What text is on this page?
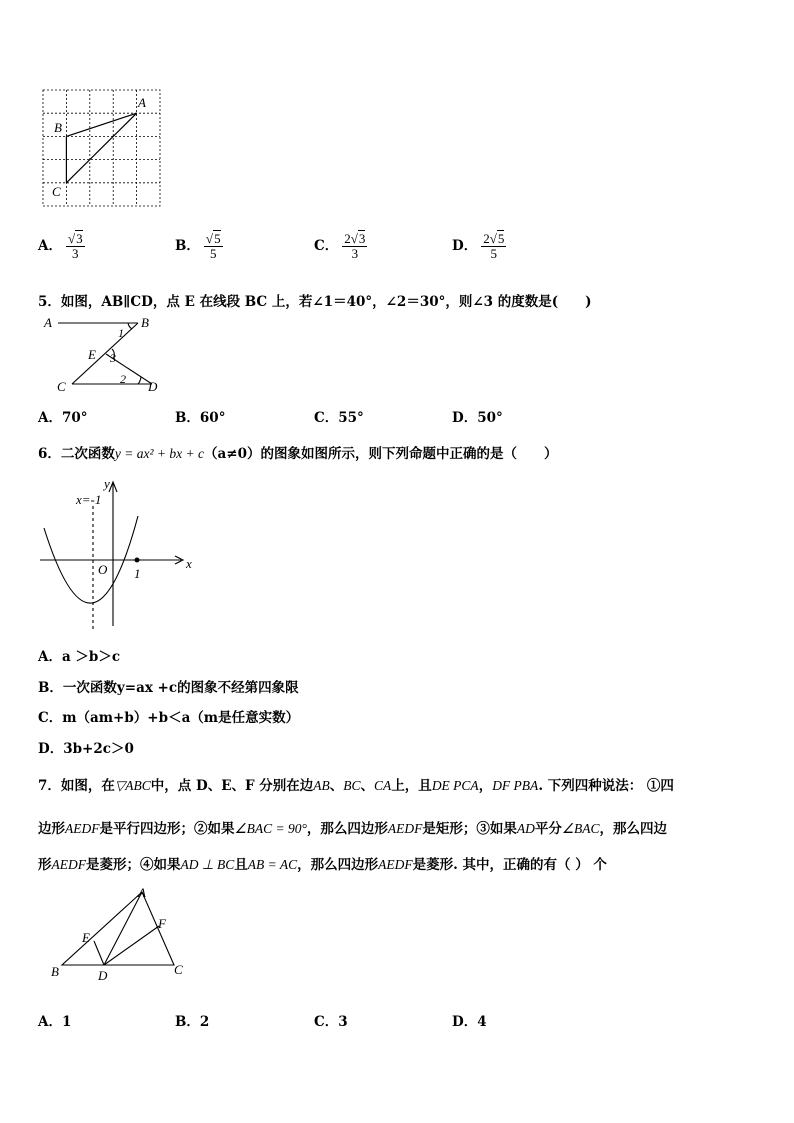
A
B
C
A． $\frac{√3}{3}$	B． $\frac{√5}{5}$	C． $\frac{2√3}{3}$	D． $\frac{2√5}{5}$
5．如图，AB∥CD，点 E 在线段 BC 上，若∠1＝40°，∠2＝30°，则∠3 的度数是(　　)
A	B
C	D
E
1
2
3
A．70°	B．60°	C．55°	D．50°
6．二次函数y = ax² + bx + c（a≠0）的图象如图所示，则下列命题中正确的是（　　）
x=-1
y
x
O 1
A．a ＞b＞c
B．一次函数y=ax +c的图象不经第四象限
C．m（am+b）+b＜a（m是任意实数）
D．3b+2c＞0
7．如图，在▽ABC中，点 D、E、F 分别在边AB、BC、CA上，且DE PCA，DF PBA. 下列四种说法： ①四
边形AEDF是平行四边形；②如果∠BAC = 90°，那么四边形AEDF是矩形；③如果AD平分∠BAC，那么四边
形AEDF是菱形；④如果AD ⊥ BC且AB = AC，那么四边形AEDF是菱形. 其中，正确的有（ ） 个
A
B	C
D
E
F
A．1	B．2	C．3	D．4
